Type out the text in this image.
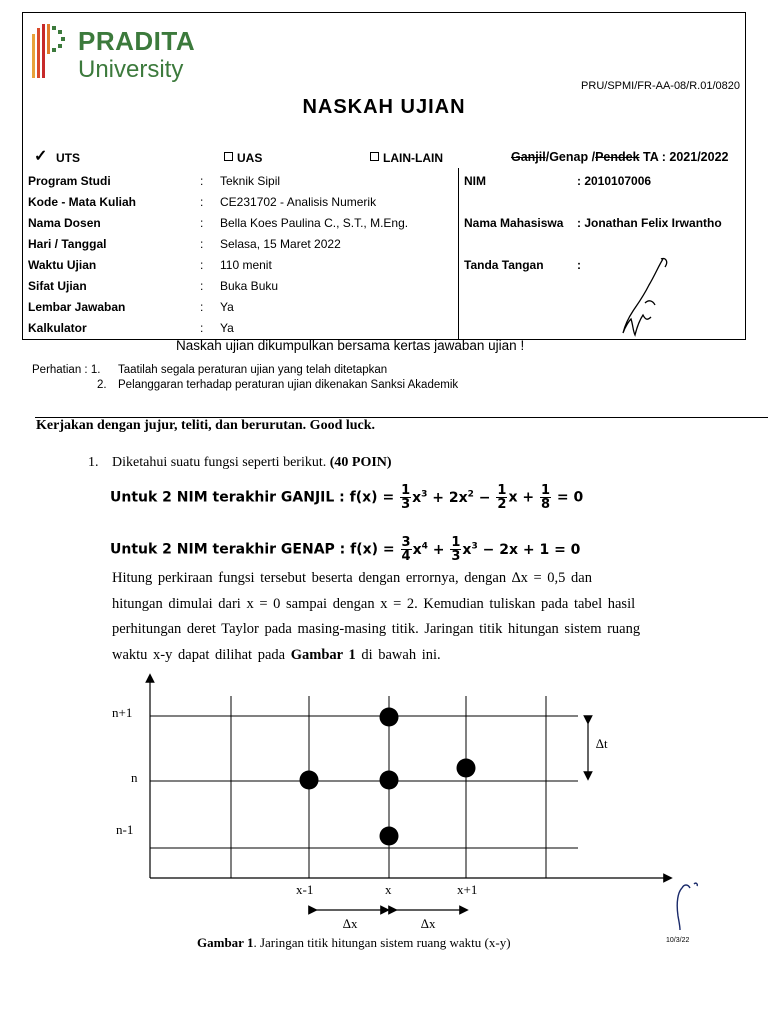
PRADITA
University
PRU/SPMI/FR-AA-08/R.01/0820
NASKAH UJIAN
✓ UTS	UAS	LAIN-LAIN	Ganjil/Genap /Pendek TA : 2021/2022
Program Studi	: Teknik Sipil
Kode - Mata Kuliah	: CE231702 - Analisis Numerik
Nama Dosen	: Bella Koes Paulina C., S.T., M.Eng.
Hari / Tanggal	: Selasa, 15 Maret 2022
Waktu Ujian	: 110 menit
Sifat Ujian	: Buka Buku
Lembar Jawaban	: Ya
Kalkulator	: Ya
NIM	: 2010107006
Nama Mahasiswa : Jonathan Felix Irwantho
Tanda Tangan	:
Naskah ujian dikumpulkan bersama kertas jawaban ujian !
Perhatian : 1. Taatilah segala peraturan ujian yang telah ditetapkan
2. Pelanggaran terhadap peraturan ujian dikenakan Sanksi Akademik
Kerjakan dengan jujur, teliti, dan berurutan. Good luck.
1. Diketahui suatu fungsi seperti berikut. (40 POIN)
Untuk 2 NIM terakhir GANJIL : $f(x) = \frac{1}{3} x^3 + 2x^2 - \frac{1}{2}$ $x + \frac{1}{8} = 0$
Untuk 2 NIM terakhir GENAP : $f(x) = \frac{3}{4} x^4 + \frac{1}{3} x^3 - 2x + 1 = 0$
Hitung perkiraan fungsi tersebut beserta dengan errornya, dengan ∆x = 0,5 dan
hitungan dimulai dari x = 0 sampai dengan x = 2. Kemudian tuliskan pada tabel hasil
perhitungan deret Taylor pada masing-masing titik. Jaringan titik hitungan sistem ruang
waktu x-y dapat dilihat pada Gambar 1 di bawah ini.
n+1
n
n-1
x-1	x	x+1
∆t
∆x	∆x
Gambar 1. Jaringan titik hitungan sistem ruang waktu (x-y)	10/3/22
